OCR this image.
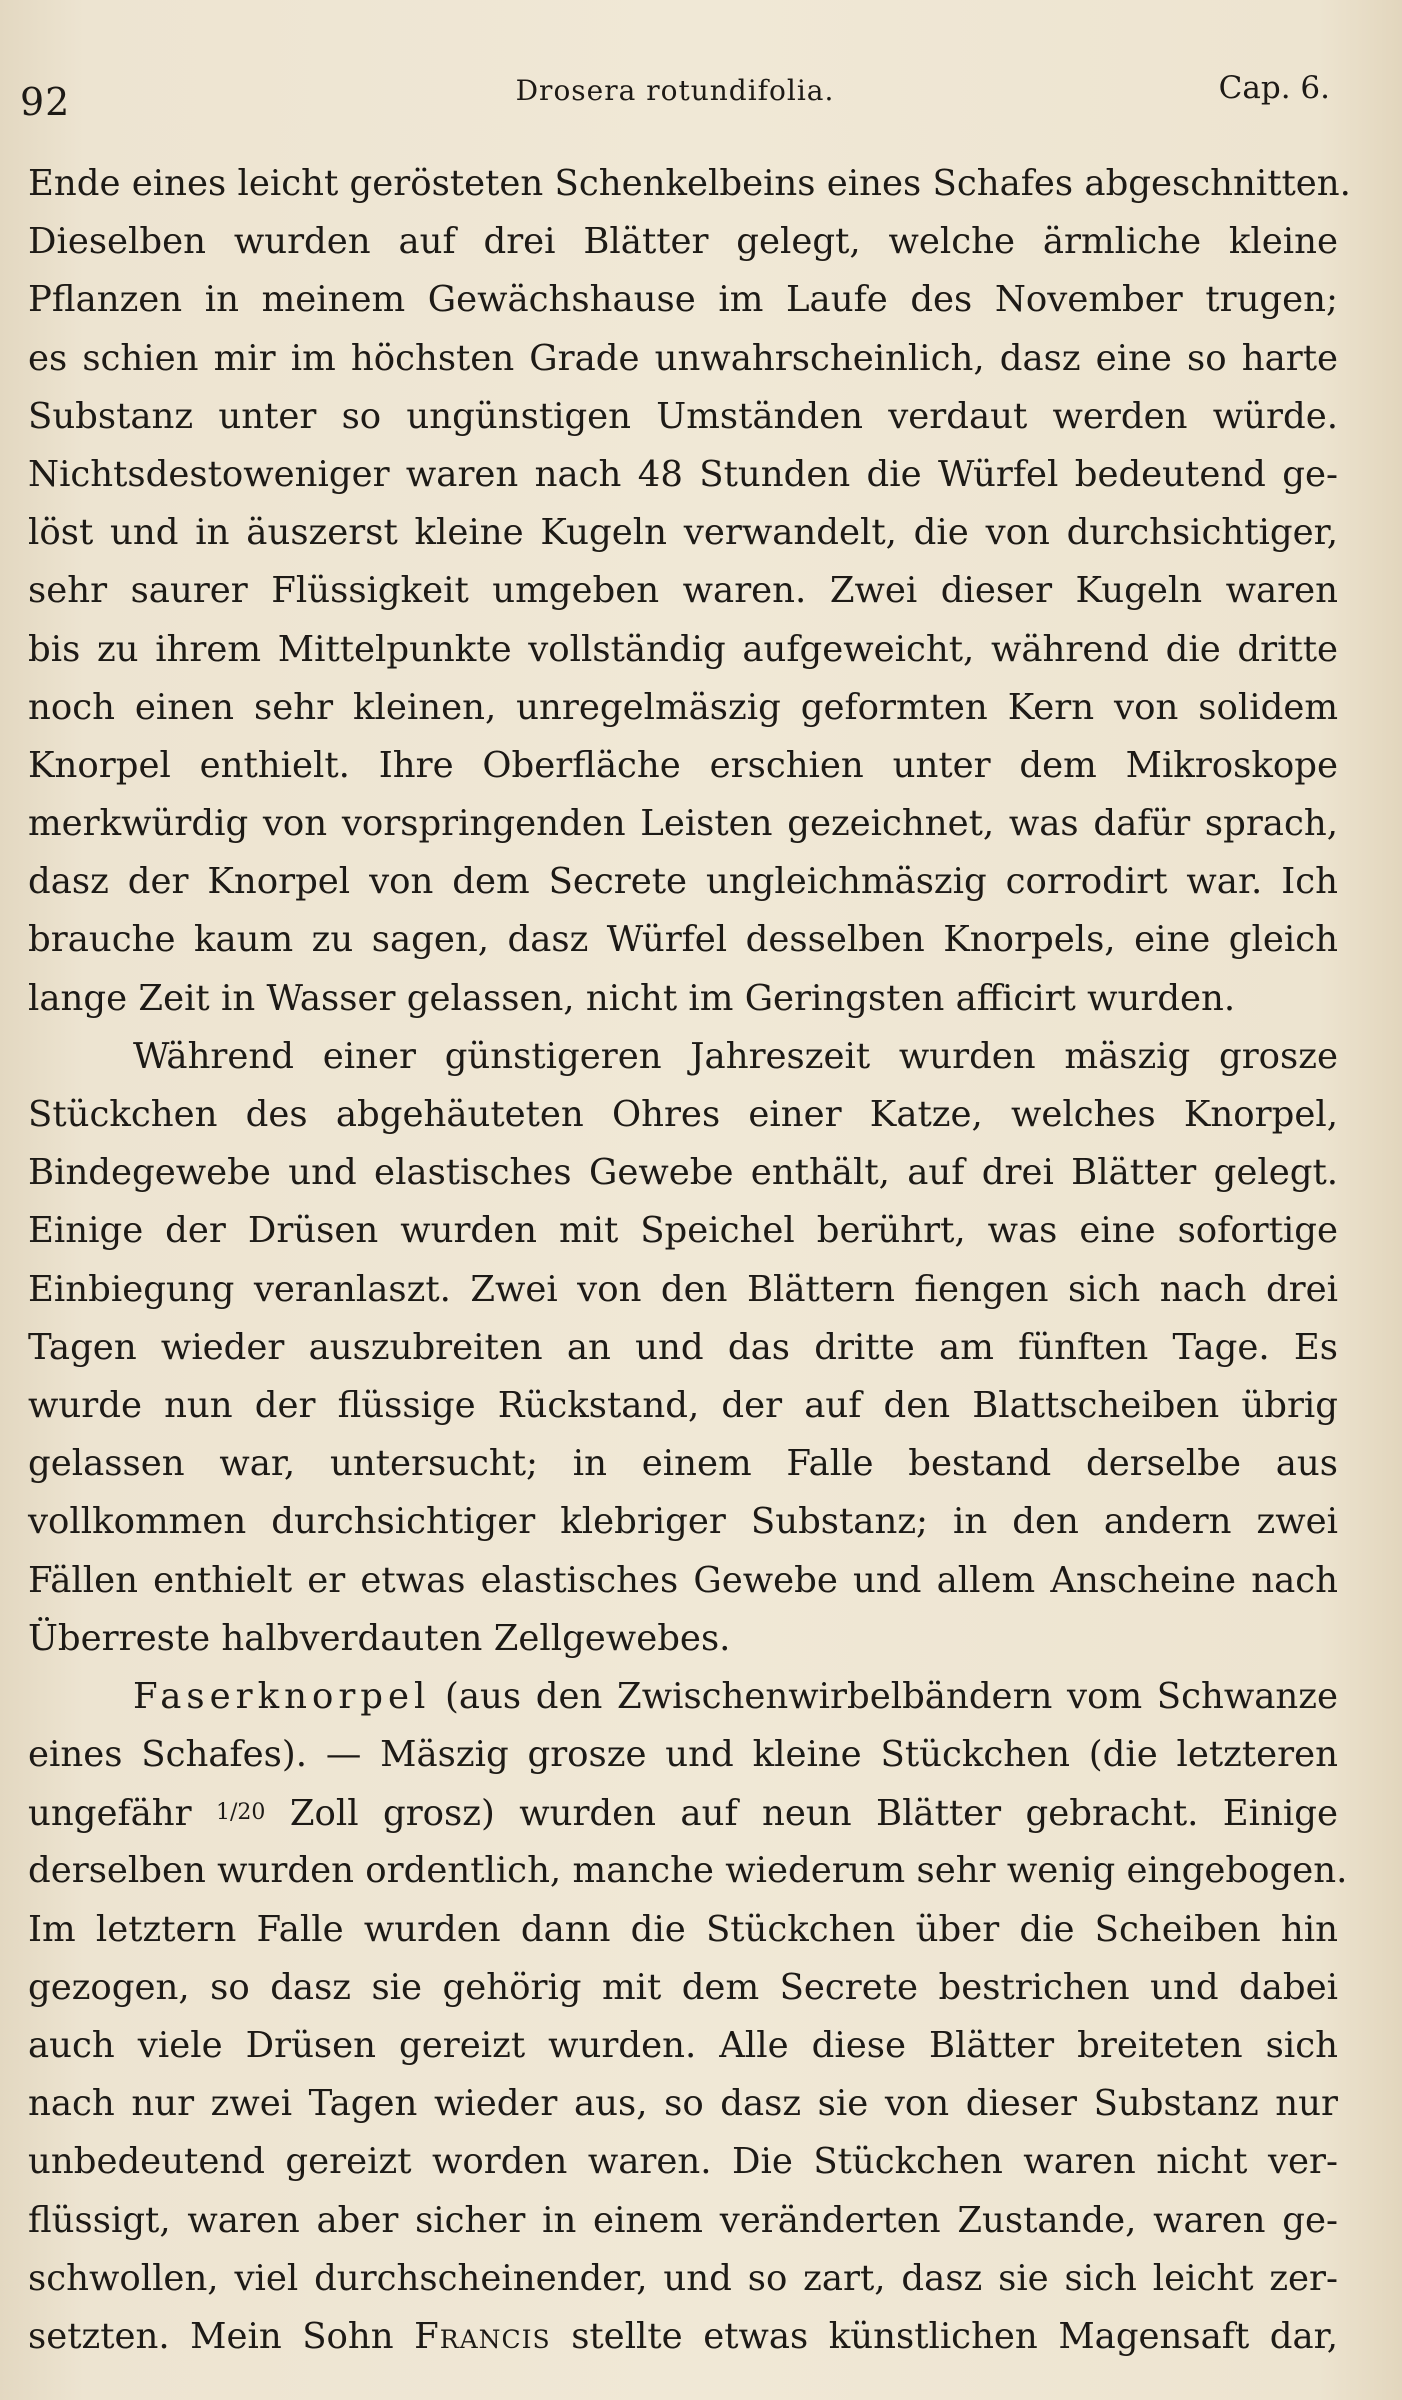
92	Drosera rotundifolia.	Cap. 6.
Ende eines leicht gerösteten Schenkelbeins eines Schafes abgeschnitten.
Dieselben wurden auf drei Blätter gelegt, welche ärmliche kleine
Pflanzen in meinem Gewächshause im Laufe des November trugen;
es schien mir im höchsten Grade unwahrscheinlich, dasz eine so harte
Substanz unter so ungünstigen Umständen verdaut werden würde.
Nichtsdestoweniger waren nach 48 Stunden die Würfel bedeutend ge-
löst und in äuszerst kleine Kugeln verwandelt, die von durchsichtiger,
sehr saurer Flüssigkeit umgeben waren. Zwei dieser Kugeln waren
bis zu ihrem Mittelpunkte vollständig aufgeweicht, während die dritte
noch einen sehr kleinen, unregelmäszig geformten Kern von solidem
Knorpel enthielt. Ihre Oberfläche erschien unter dem Mikroskope
merkwürdig von vorspringenden Leisten gezeichnet, was dafür sprach,
dasz der Knorpel von dem Secrete ungleichmäszig corrodirt war. Ich
brauche kaum zu sagen, dasz Würfel desselben Knorpels, eine gleich
lange Zeit in Wasser gelassen, nicht im Geringsten afficirt wurden.
Während einer günstigeren Jahreszeit wurden mäszig grosze
Stückchen des abgehäuteten Ohres einer Katze, welches Knorpel,
Bindegewebe und elastisches Gewebe enthält, auf drei Blätter gelegt.
Einige der Drüsen wurden mit Speichel berührt, was eine sofortige
Einbiegung veranlaszt. Zwei von den Blättern fiengen sich nach drei
Tagen wieder auszubreiten an und das dritte am fünften Tage. Es
wurde nun der flüssige Rückstand, der auf den Blattscheiben übrig
gelassen war, untersucht; in einem Falle bestand derselbe aus
vollkommen durchsichtiger klebriger Substanz; in den andern zwei
Fällen enthielt er etwas elastisches Gewebe und allem Anscheine nach
Überreste halbverdauten Zellgewebes.
Faserknorpel (aus den Zwischenwirbelbändern vom Schwanze
eines Schafes). — Mäszig grosze und kleine Stückchen (die letzteren
ungefähr 1/20 Zoll grosz) wurden auf neun Blätter gebracht. Einige
derselben wurden ordentlich, manche wiederum sehr wenig eingebogen.
Im letztern Falle wurden dann die Stückchen über die Scheiben hin
gezogen, so dasz sie gehörig mit dem Secrete bestrichen und dabei
auch viele Drüsen gereizt wurden. Alle diese Blätter breiteten sich
nach nur zwei Tagen wieder aus, so dasz sie von dieser Substanz nur
unbedeutend gereizt worden waren. Die Stückchen waren nicht ver-
flüssigt, waren aber sicher in einem veränderten Zustande, waren ge-
schwollen, viel durchscheinender, und so zart, dasz sie sich leicht zer-
setzten. Mein Sohn Francis stellte etwas künstlichen Magensaft dar,
